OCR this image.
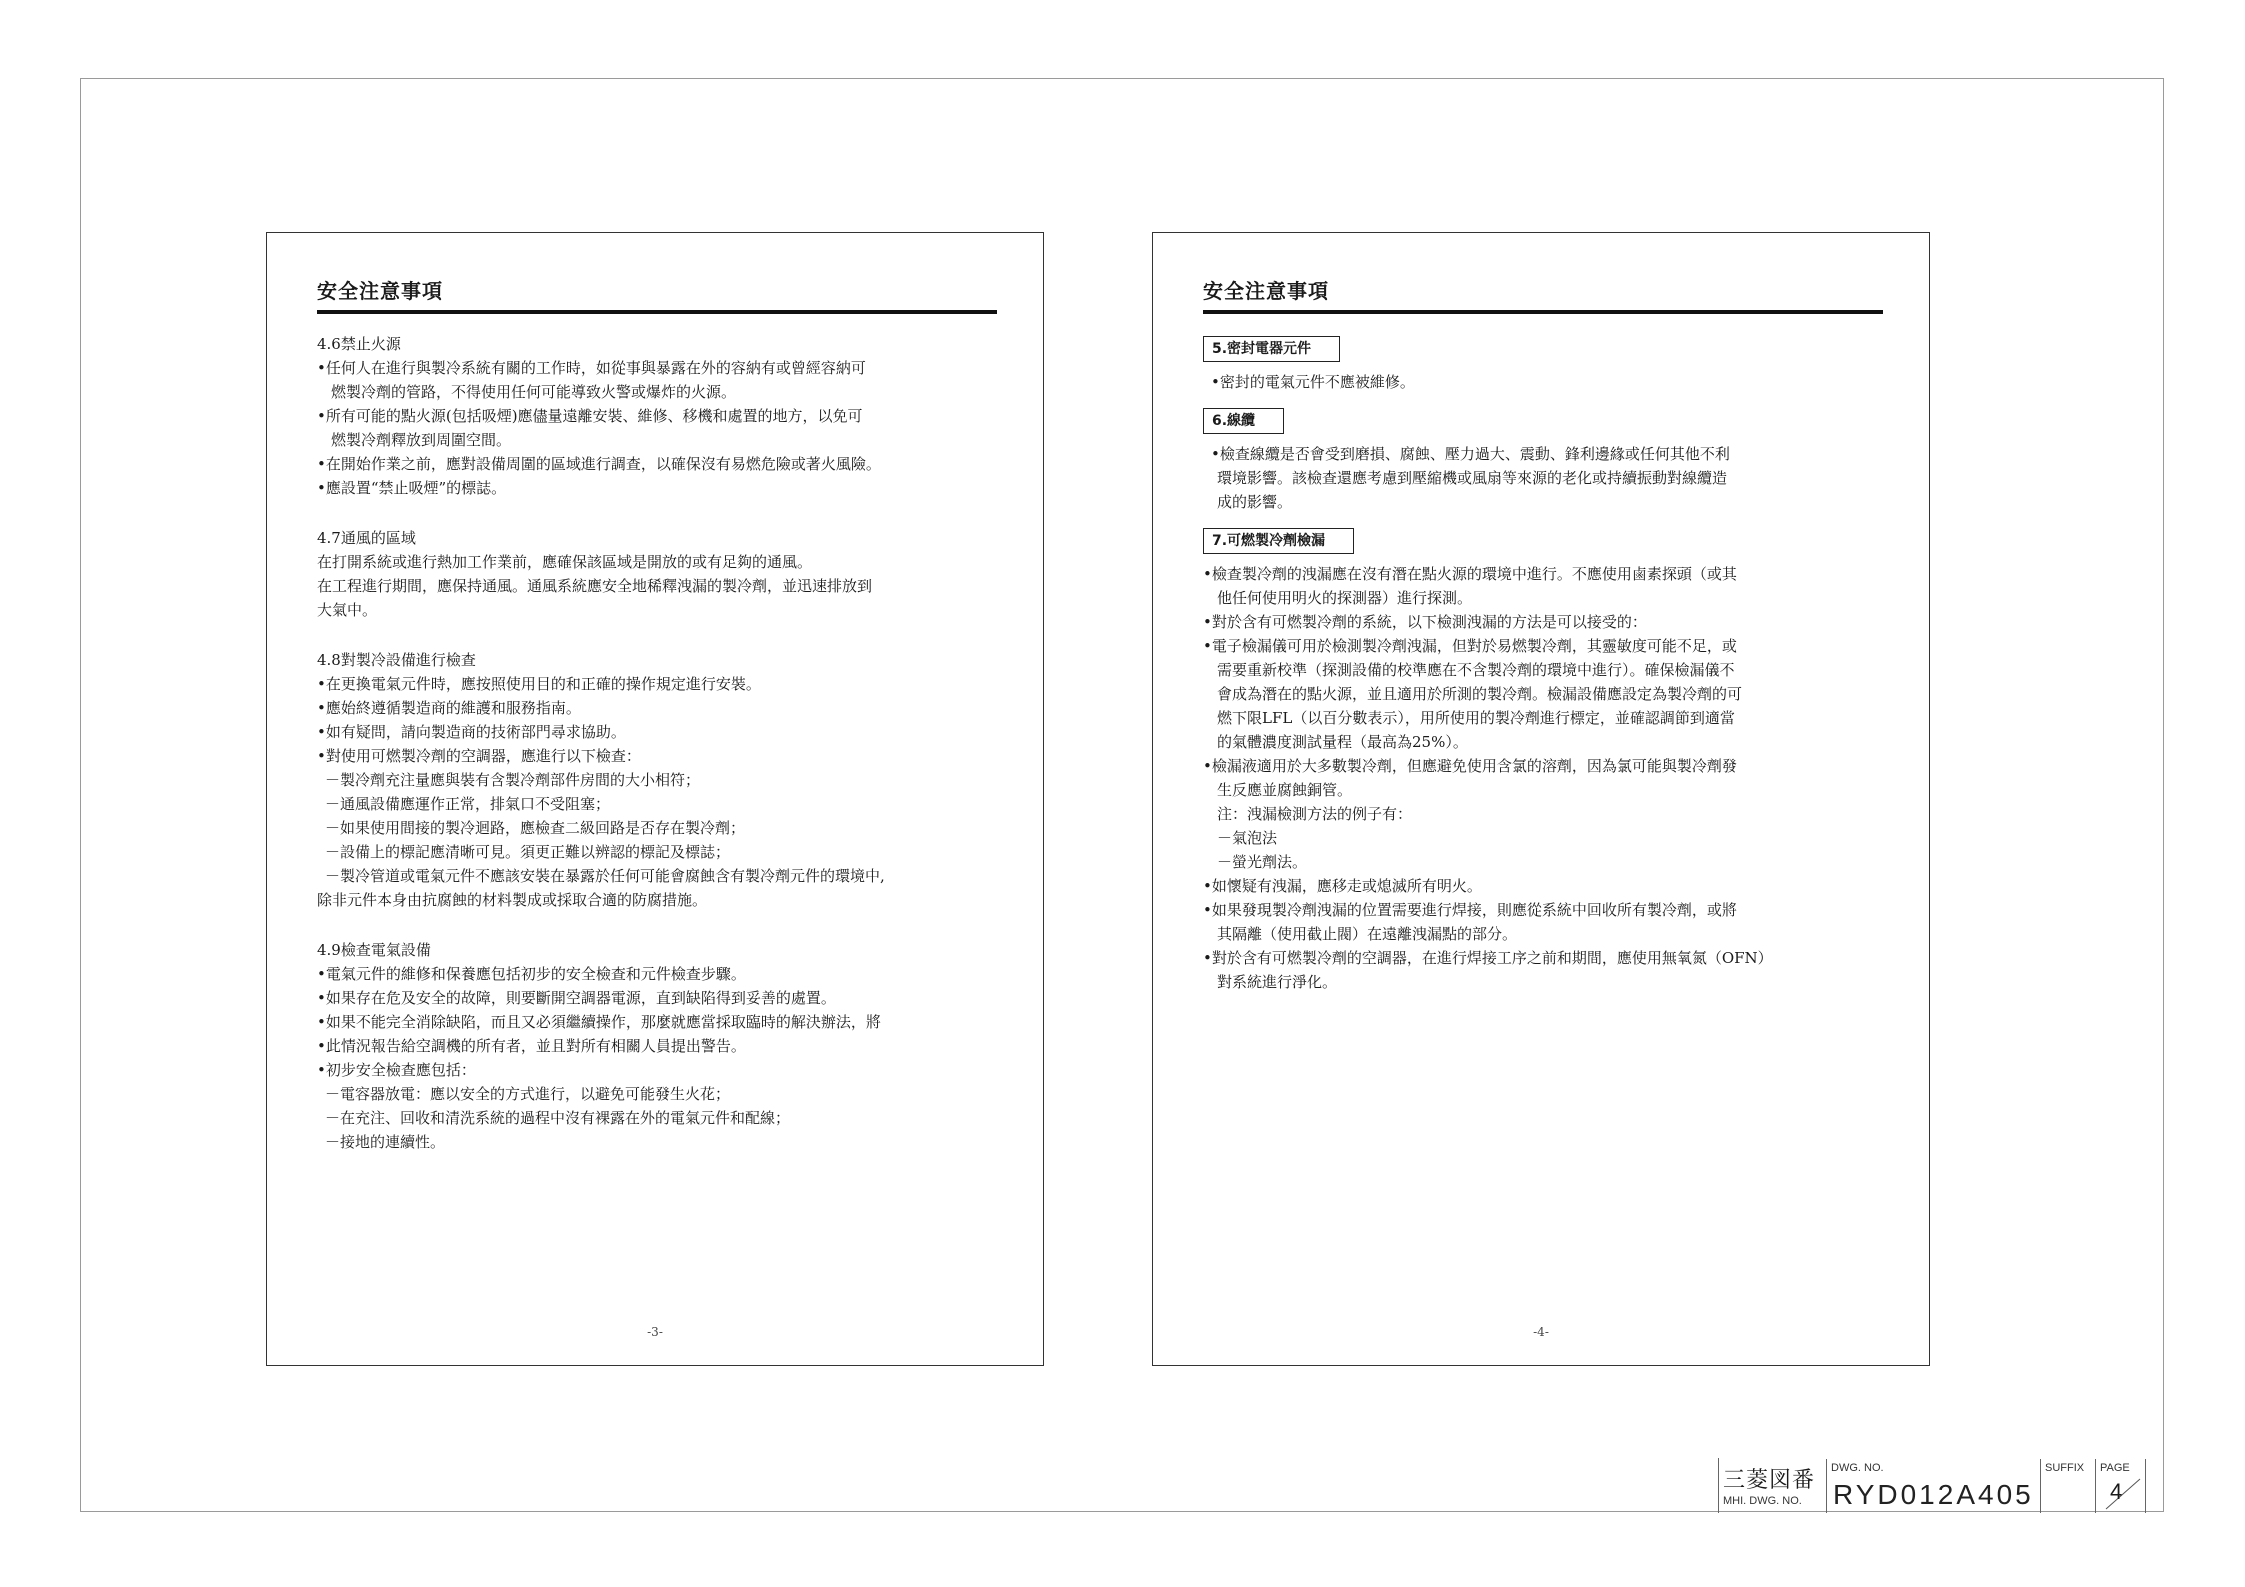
安全注意事項
4.6禁止火源
•任何人在進行與製冷系統有關的工作時，如從事與暴露在外的容納有或曾經容納可
燃製冷劑的管路，不得使用任何可能導致火警或爆炸的火源。
•所有可能的點火源(包括吸煙)應儘量遠離安裝、維修、移機和處置的地方，以免可
燃製冷劑釋放到周圍空間。
•在開始作業之前，應對設備周圍的區域進行調查，以確保沒有易燃危險或著火風險。
•應設置“禁止吸煙”的標誌。
4.7通風的區域
在打開系統或進行熱加工作業前，應確保該區域是開放的或有足夠的通風。
在工程進行期間，應保持通風。通風系統應安全地稀釋洩漏的製冷劑，並迅速排放到
大氣中。
4.8對製冷設備進行檢查
•在更換電氣元件時，應按照使用目的和正確的操作規定進行安裝。
•應始終遵循製造商的維護和服務指南。
•如有疑問，請向製造商的技術部門尋求協助。
•對使用可燃製冷劑的空調器，應進行以下檢查：
－製冷劑充注量應與裝有含製冷劑部件房間的大小相符；
－通風設備應運作正常，排氣口不受阻塞；
－如果使用間接的製冷迴路，應檢查二級回路是否存在製冷劑；
－設備上的標記應清晰可見。須更正難以辨認的標記及標誌；
－製冷管道或電氣元件不應該安裝在暴露於任何可能會腐蝕含有製冷劑元件的環境中,
除非元件本身由抗腐蝕的材料製成或採取合適的防腐措施。
4.9檢查電氣設備
•電氣元件的維修和保養應包括初步的安全檢查和元件檢查步驟。
•如果存在危及安全的故障，則要斷開空調器電源，直到缺陷得到妥善的處置。
•如果不能完全消除缺陷，而且又必須繼續操作，那麼就應當採取臨時的解決辦法，將
•此情況報告給空調機的所有者，並且對所有相關人員提出警告。
•初步安全檢查應包括：
－電容器放電：應以安全的方式進行，以避免可能發生火花；
－在充注、回收和清洗系統的過程中沒有裸露在外的電氣元件和配線；
－接地的連續性。
-3-
安全注意事項
5.密封電器元件
•密封的電氣元件不應被維修。
6.線纜
•檢查線纜是否會受到磨損、腐蝕、壓力過大、震動、鋒利邊緣或任何其他不利
環境影響。該檢查還應考慮到壓縮機或風扇等來源的老化或持續振動對線纜造
成的影響。
7.可燃製冷劑檢漏
•檢查製冷劑的洩漏應在沒有潛在點火源的環境中進行。不應使用鹵素探頭（或其
他任何使用明火的探測器）進行探測。
•對於含有可燃製冷劑的系統，以下檢測洩漏的方法是可以接受的：
•電子檢漏儀可用於檢測製冷劑洩漏，但對於易燃製冷劑，其靈敏度可能不足，或
需要重新校準（探測設備的校準應在不含製冷劑的環境中進行）。確保檢漏儀不
會成為潛在的點火源，並且適用於所測的製冷劑。檢漏設備應設定為製冷劑的可
燃下限LFL（以百分數表示），用所使用的製冷劑進行標定，並確認調節到適當
的氣體濃度測試量程（最高為25%）。
•檢漏液適用於大多數製冷劑，但應避免使用含氯的溶劑，因為氯可能與製冷劑發
生反應並腐蝕銅管。
注：洩漏檢測方法的例子有：
－氣泡法
－螢光劑法。
•如懷疑有洩漏，應移走或熄滅所有明火。
•如果發現製冷劑洩漏的位置需要進行焊接，則應從系統中回收所有製冷劑，或將
其隔離（使用截止閥）在遠離洩漏點的部分。
•對於含有可燃製冷劑的空調器，在進行焊接工序之前和期間，應使用無氧氮（OFN）
對系統進行淨化。
-4-
三菱図番
MHI. DWG. NO.
DWG. NO.
RYD012A405
SUFFIX PAGE
4
